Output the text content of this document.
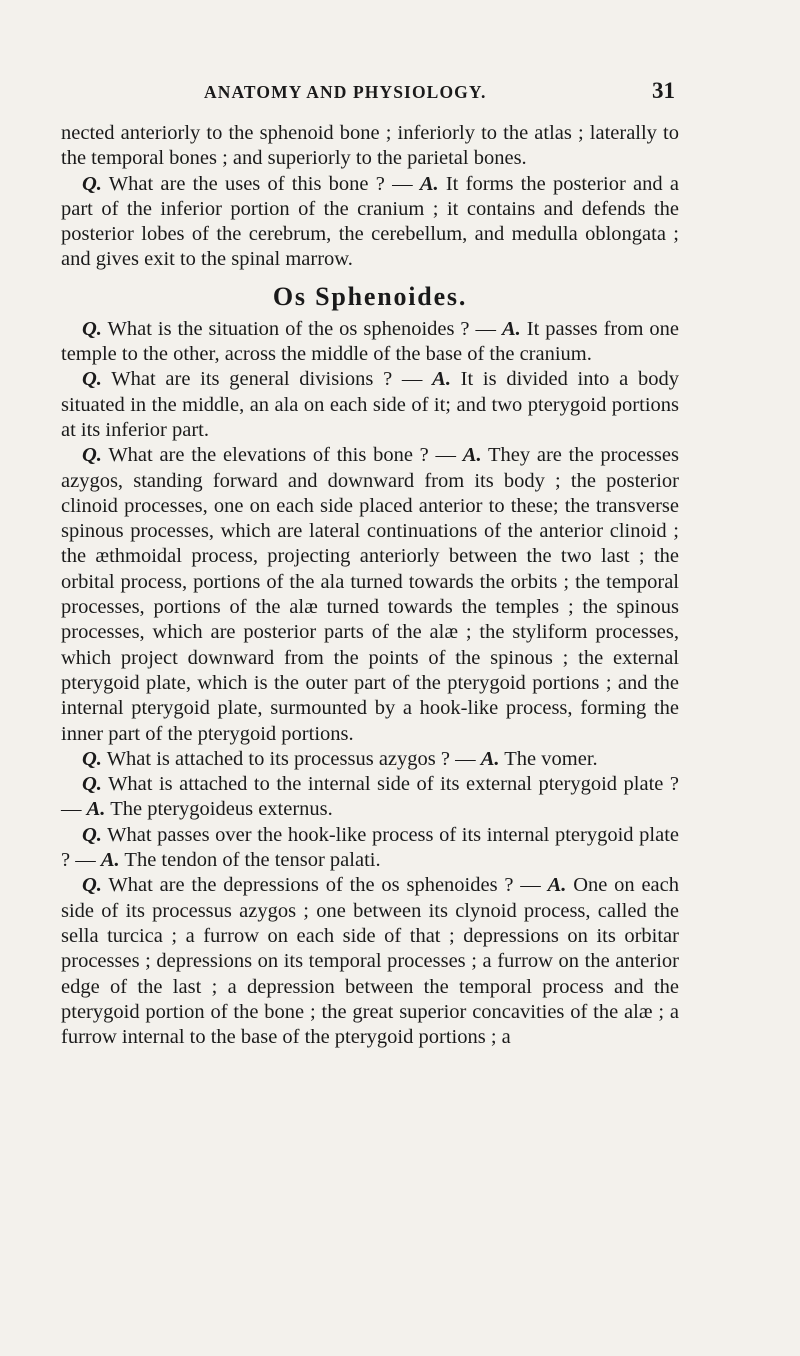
ANATOMY AND PHYSIOLOGY.	31

nected anteriorly to the sphenoid bone ; inferiorly to the atlas ; laterally to the temporal bones ; and superiorly to the parietal bones.

Q. What are the uses of this bone ? — A. It forms the posterior and a part of the inferior portion of the cranium ; it contains and defends the posterior lobes of the cerebrum, the cerebellum, and medulla oblongata ; and gives exit to the spinal marrow.

Os Sphenoides.

Q. What is the situation of the os sphenoides ? — A. It passes from one temple to the other, across the middle of the base of the cranium.

Q. What are its general divisions ? — A. It is divided into a body situated in the middle, an ala on each side of it; and two pterygoid portions at its inferior part.

Q. What are the elevations of this bone ? — A. They are the processes azygos, standing forward and downward from its body ; the posterior clinoid processes, one on each side placed anterior to these; the transverse spinous processes, which are lateral continuations of the anterior clinoid ; the æthmoidal process, projecting anteriorly between the two last ; the orbital process, portions of the ala turned towards the orbits ; the temporal processes, portions of the alæ turned towards the temples ; the spinous processes, which are posterior parts of the alæ ; the styliform processes, which project downward from the points of the spinous ; the external pterygoid plate, which is the outer part of the pterygoid portions ; and the internal pterygoid plate, surmounted by a hook-like process, forming the inner part of the pterygoid portions.

Q. What is attached to its processus azygos ? — A. The vomer.

Q. What is attached to the internal side of its external pterygoid plate ? — A. The pterygoideus externus.

Q. What passes over the hook-like process of its internal pterygoid plate ? — A. The tendon of the tensor palati.

Q. What are the depressions of the os sphenoides ? — A. One on each side of its processus azygos ; one between its clynoid process, called the sella turcica ; a furrow on each side of that ; depressions on its orbitar processes ; depressions on its temporal processes ; a furrow on the anterior edge of the last ; a depression between the temporal process and the pterygoid portion of the bone ; the great superior concavities of the alæ ; a furrow internal to the base of the pterygoid portions ; a
